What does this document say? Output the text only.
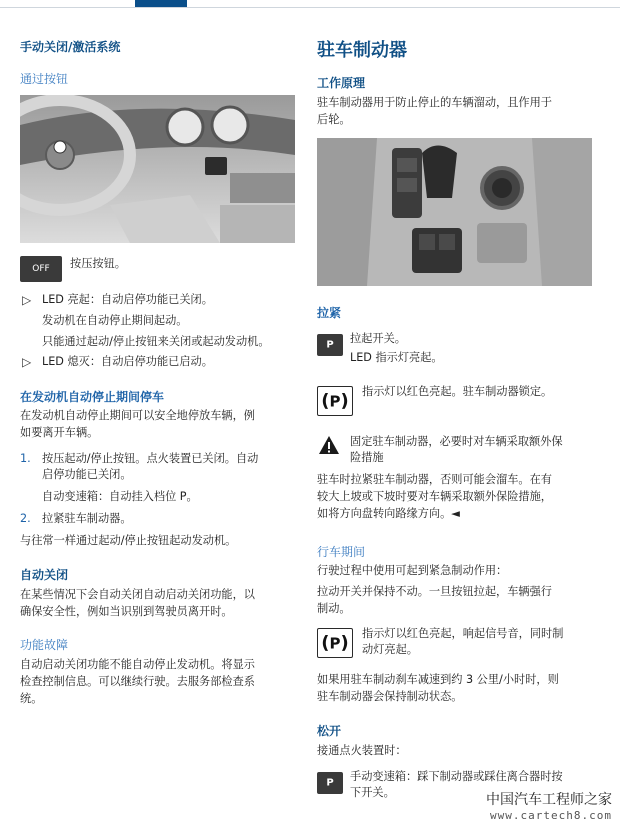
手动关闭/激活系统
通过按钮
OFF	按压按钮。
▷ LED 亮起：自动启停功能已关闭。
发动机在自动停止期间起动。
只能通过起动/停止按钮来关闭或起动发动机。
▷ LED 熄灭：自动启停功能已启动。
在发动机自动停止期间停车
在发动机自动停止期间可以安全地停放车辆，例
如要离开车辆。
1. 按压起动/停止按钮。点火装置已关闭。自动
启停功能已关闭。
自动变速箱：自动挂入档位 P。
2. 拉紧驻车制动器。
与往常一样通过起动/停止按钮起动发动机。
自动关闭
在某些情况下会自动关闭自动启动关闭功能，以
确保安全性，例如当识别到驾驶员离开时。
功能故障
自动启动关闭功能不能自动停止发动机。将显示
检查控制信息。可以继续行驶。去服务部检查系
统。
驻车制动器
工作原理
驻车制动器用于防止停止的车辆溜动，且作用于
后轮。
拉紧
P	拉起开关。
LED 指示灯亮起。
(P) 指示灯以红色亮起。驻车制动器锁定。
固定驻车制动器，必要时对车辆采取额外保
险措施
驻车时拉紧驻车制动器，否则可能会溜车。在有
较大上坡或下坡时要对车辆采取额外保险措施，
如将方向盘转向路缘方向。◄
行车期间
行驶过程中使用可起到紧急制动作用：
拉动开关并保持不动。一旦按钮拉起，车辆强行
制动。
(P) 指示灯以红色亮起，响起信号音，同时制
动灯亮起。
如果用驻车制动刹车减速到约 3 公里/小时时，则
驻车制动器会保持制动状态。
松开
接通点火装置时：
P	手动变速箱：踩下制动器或踩住离合器时按
下开关。	中国汽车工程师之家
www.cartech8.com
